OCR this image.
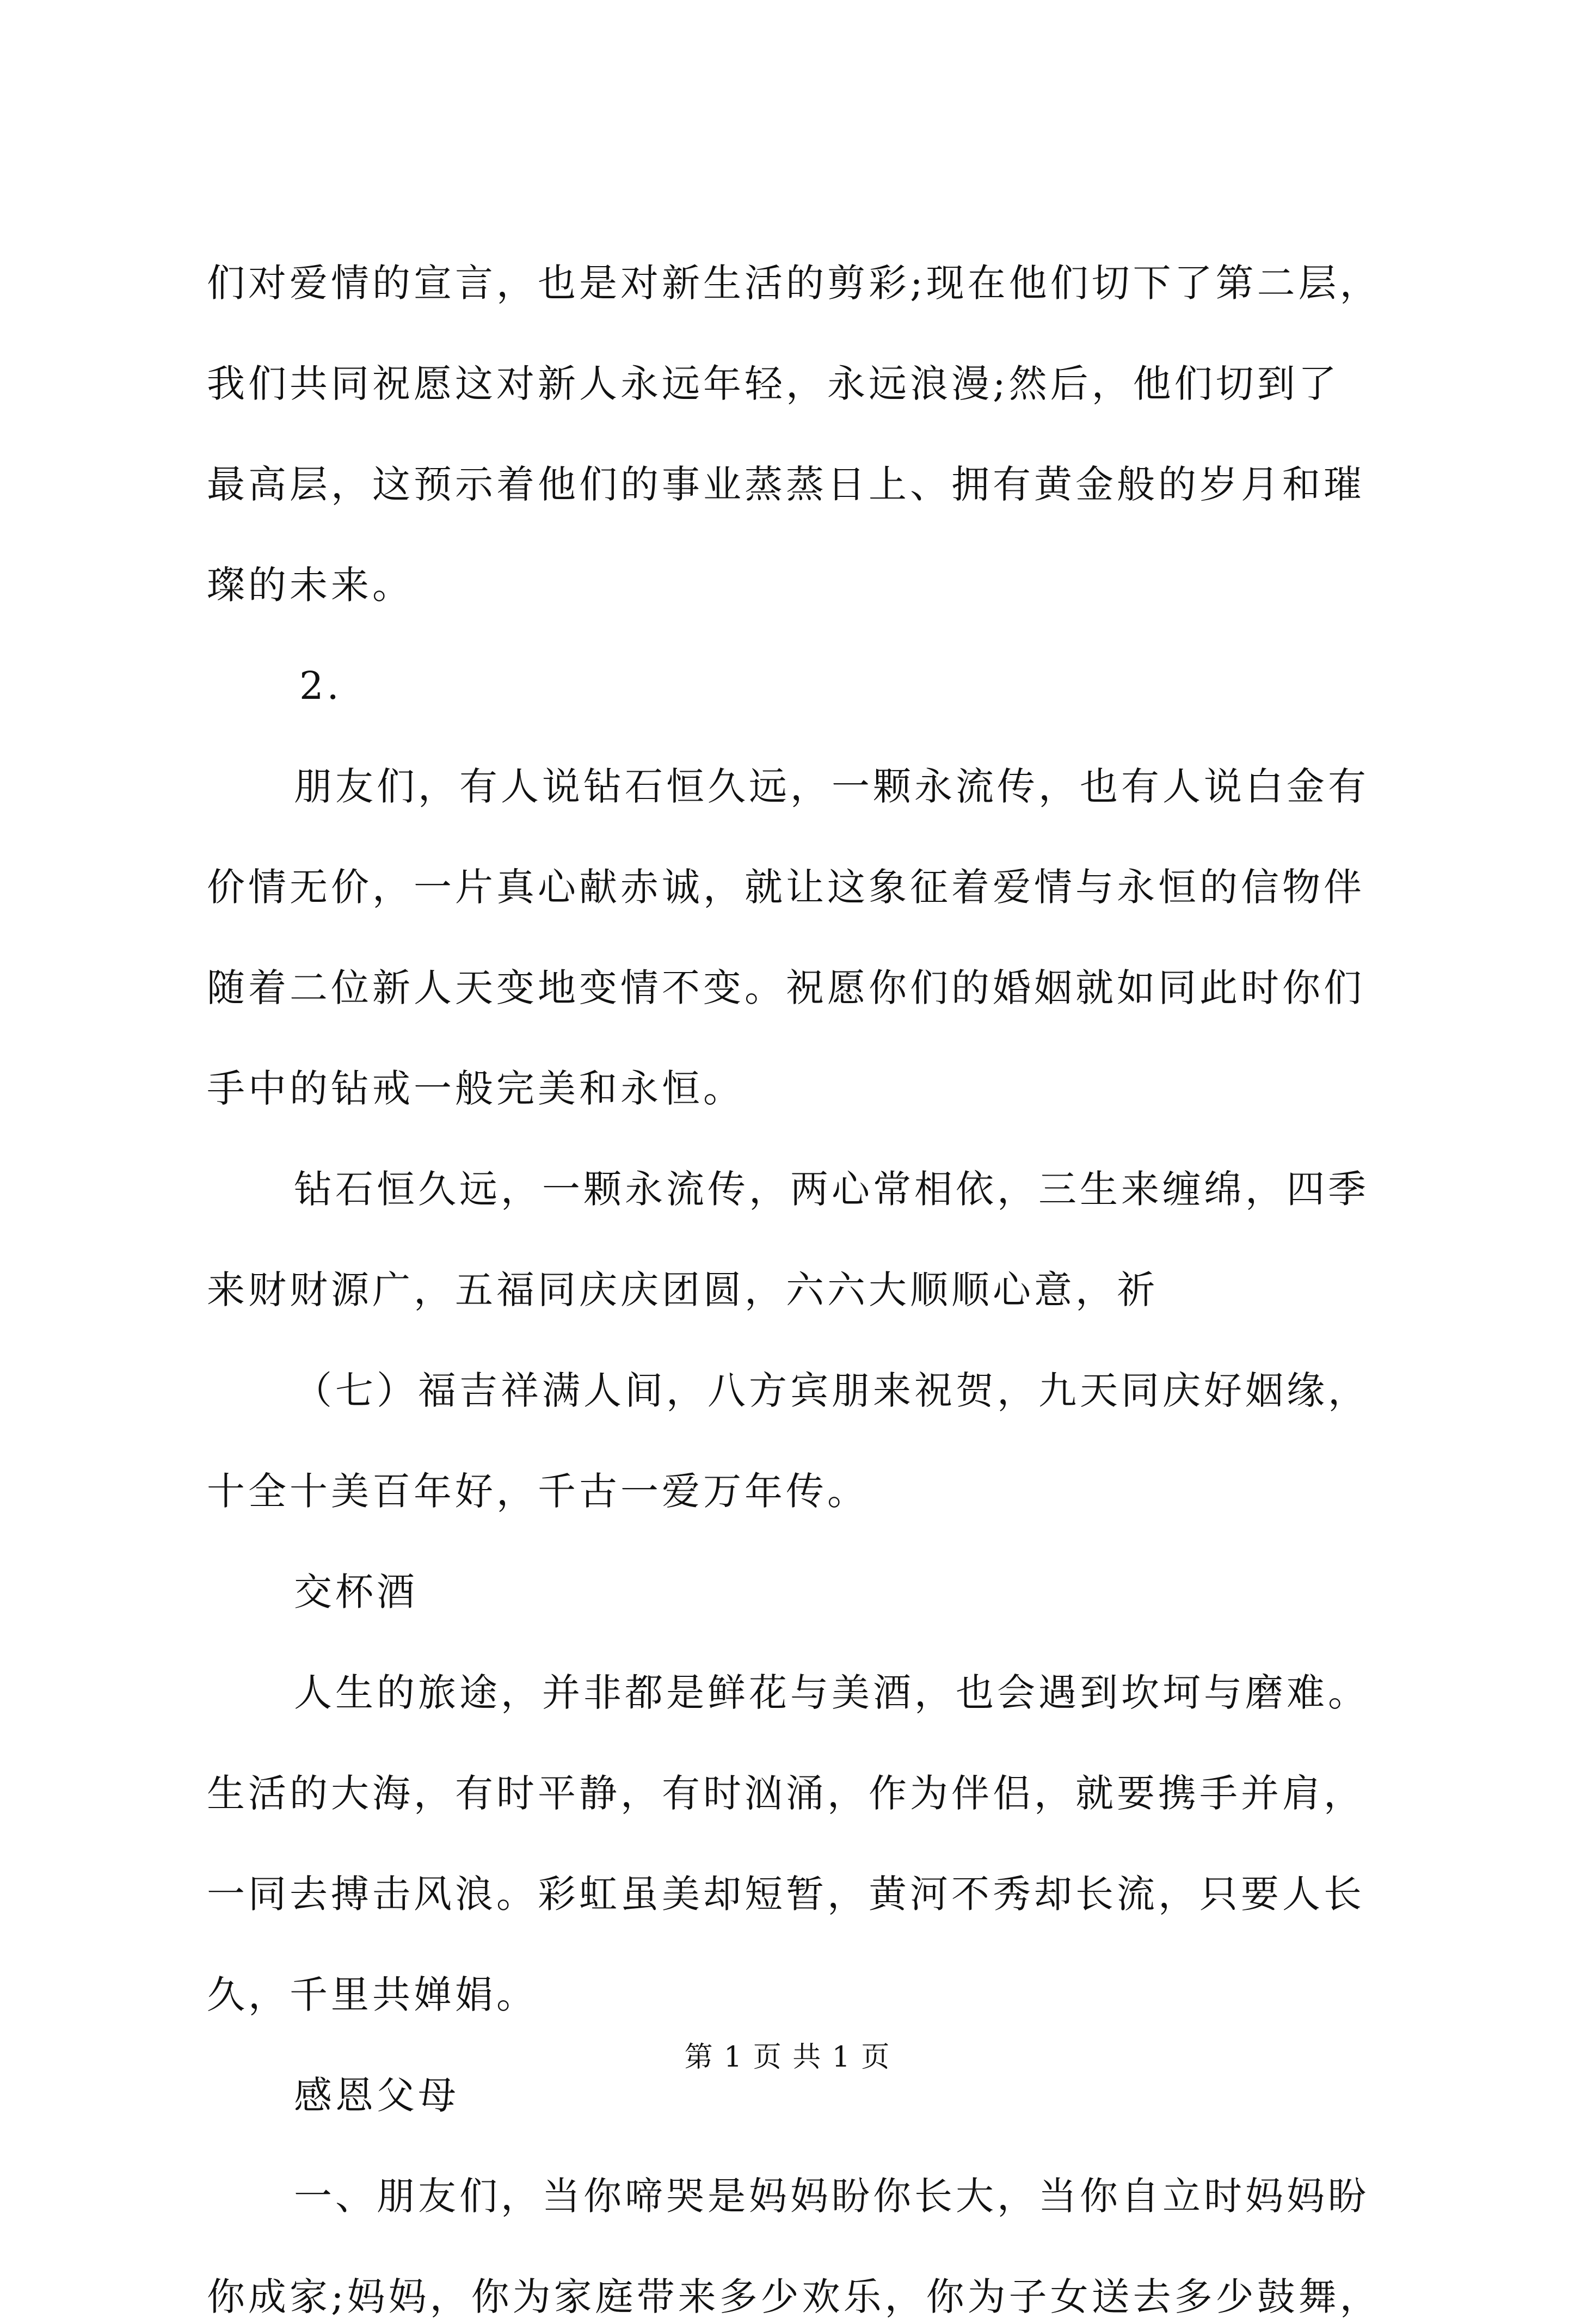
们对爱情的宣言，也是对新生活的剪彩;现在他们切下了第二层，
我们共同祝愿这对新人永远年轻，永远浪漫;然后，他们切到了
最高层，这预示着他们的事业蒸蒸日上、拥有黄金般的岁月和璀
璨的未来。
2.
朋友们，有人说钻石恒久远，一颗永流传，也有人说白金有
价情无价，一片真心献赤诚，就让这象征着爱情与永恒的信物伴
随着二位新人天变地变情不变。祝愿你们的婚姻就如同此时你们
手中的钻戒一般完美和永恒。
钻石恒久远，一颗永流传，两心常相依，三生来缠绵，四季
来财财源广，五福同庆庆团圆，六六大顺顺心意，祈
（七）福吉祥满人间，八方宾朋来祝贺，九天同庆好姻缘，
十全十美百年好，千古一爱万年传。
交杯酒
人生的旅途，并非都是鲜花与美酒，也会遇到坎坷与磨难。
生活的大海，有时平静，有时汹涌，作为伴侣，就要携手并肩，
一同去搏击风浪。彩虹虽美却短暂，黄河不秀却长流，只要人长
久，千里共婵娟。
感恩父母
一、朋友们，当你啼哭是妈妈盼你长大，当你自立时妈妈盼
你成家;妈妈，你为家庭带来多少欢乐，你为子女送去多少鼓舞，
第 1 页 共 1 页
